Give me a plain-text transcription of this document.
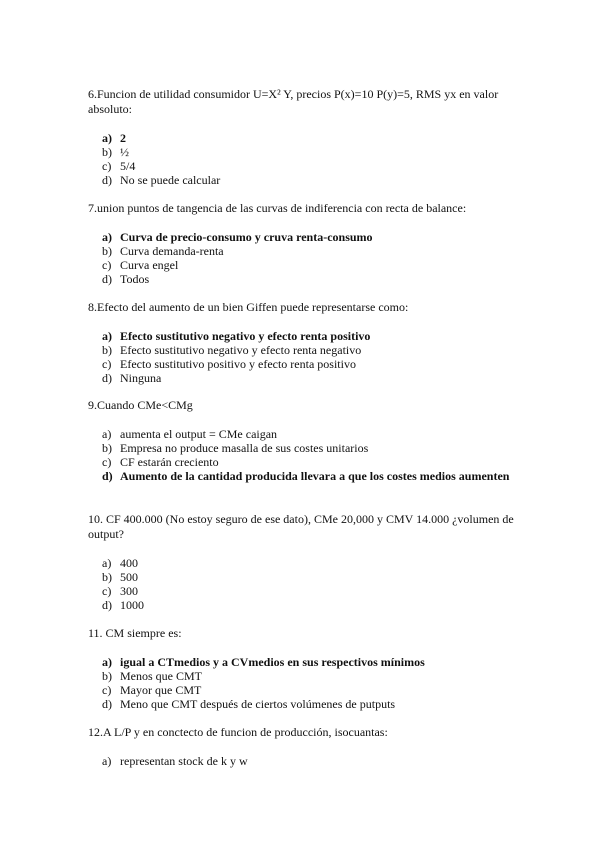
6.Funcion de utilidad consumidor U=X² Y, precios P(x)=10 P(y)=5, RMS yx en valor absoluto:

a) 2
b) ½
c) 5/4
d) No se puede calcular

7.union puntos de tangencia de las curvas de indiferencia con recta de balance:

a) Curva de precio-consumo y cruva renta-consumo
b) Curva demanda-renta
c) Curva engel
d) Todos

8.Efecto del aumento de un bien Giffen puede representarse como:

a) Efecto sustitutivo negativo y efecto renta positivo
b) Efecto sustitutivo negativo y efecto renta negativo
c) Efecto sustitutivo positivo y efecto renta positivo
d) Ninguna

9.Cuando CMe<CMg

a) aumenta el output = CMe caigan
b) Empresa no produce masalla de sus costes unitarios
c) CF estarán creciento
d) Aumento de la cantidad producida llevara a que los costes medios aumenten

10. CF 400.000 (No estoy seguro de ese dato), CMe 20,000 y CMV 14.000 ¿volumen de output?

a) 400
b) 500
c) 300
d) 1000

11. CM siempre es:

a) igual a CTmedios y a CVmedios en sus respectivos mínimos
b) Menos que CMT
c) Mayor que CMT
d) Meno que CMT después de ciertos volúmenes de putputs

12.A L/P y en conctecto de funcion de producción, isocuantas:

a) representan stock de k y w
